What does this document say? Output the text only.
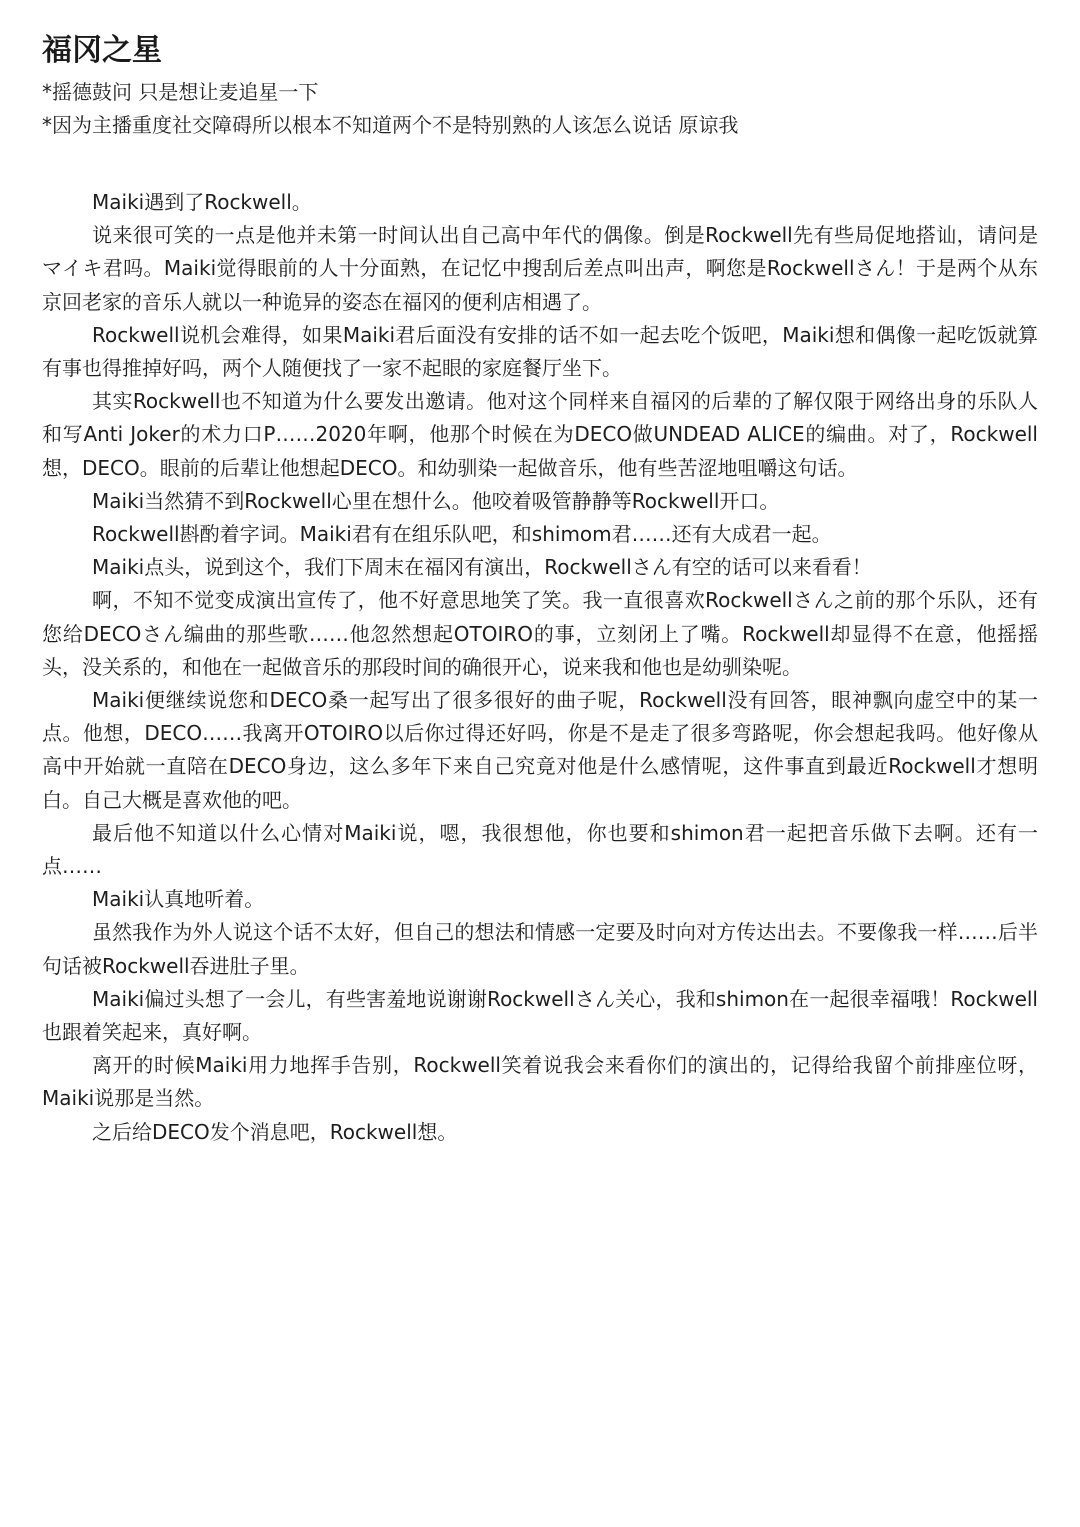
福冈之星

*摇德鼓问 只是想让麦追星一下

*因为主播重度社交障碍所以根本不知道两个不是特别熟的人该怎么说话 原谅我

Maiki遇到了Rockwell。

说来很可笑的一点是他并未第一时间认出自己高中年代的偶像。倒是Rockwell先有些局促地搭讪，请问是マイキ君吗。Maiki觉得眼前的人十分面熟，在记忆中搜刮后差点叫出声，啊您是Rockwellさん！于是两个从东京回老家的音乐人就以一种诡异的姿态在福冈的便利店相遇了。

Rockwell说机会难得，如果Maiki君后面没有安排的话不如一起去吃个饭吧，Maiki想和偶像一起吃饭就算有事也得推掉好吗，两个人随便找了一家不起眼的家庭餐厅坐下。

其实Rockwell也不知道为什么要发出邀请。他对这个同样来自福冈的后辈的了解仅限于网络出身的乐队人和写Anti Joker的术力口P……2020年啊，他那个时候在为DECO做UNDEAD ALICE的编曲。对了，Rockwell想，DECO。眼前的后辈让他想起DECO。和幼驯染一起做音乐，他有些苦涩地咀嚼这句话。

Maiki当然猜不到Rockwell心里在想什么。他咬着吸管静静等Rockwell开口。

Rockwell斟酌着字词。Maiki君有在组乐队吧，和shimom君……还有大成君一起。

Maiki点头，说到这个，我们下周末在福冈有演出，Rockwellさん有空的话可以来看看！

啊，不知不觉变成演出宣传了，他不好意思地笑了笑。我一直很喜欢Rockwellさん之前的那个乐队，还有您给DECOさん编曲的那些歌……他忽然想起OTOIRO的事，立刻闭上了嘴。Rockwell却显得不在意，他摇摇头，没关系的，和他在一起做音乐的那段时间的确很开心，说来我和他也是幼驯染呢。

Maiki便继续说您和DECO桑一起写出了很多很好的曲子呢，Rockwell没有回答，眼神飘向虚空中的某一点。他想，DECO……我离开OTOIRO以后你过得还好吗，你是不是走了很多弯路呢，你会想起我吗。他好像从高中开始就一直陪在DECO身边，这么多年下来自己究竟对他是什么感情呢，这件事直到最近Rockwell才想明白。自己大概是喜欢他的吧。

最后他不知道以什么心情对Maiki说，嗯，我很想他，你也要和shimon君一起把音乐做下去啊。还有一点……

Maiki认真地听着。

虽然我作为外人说这个话不太好，但自己的想法和情感一定要及时向对方传达出去。不要像我一样……后半句话被Rockwell吞进肚子里。

Maiki偏过头想了一会儿，有些害羞地说谢谢Rockwellさん关心，我和shimon在一起很幸福哦！Rockwell也跟着笑起来，真好啊。

离开的时候Maiki用力地挥手告别，Rockwell笑着说我会来看你们的演出的，记得给我留个前排座位呀，Maiki说那是当然。

之后给DECO发个消息吧，Rockwell想。
